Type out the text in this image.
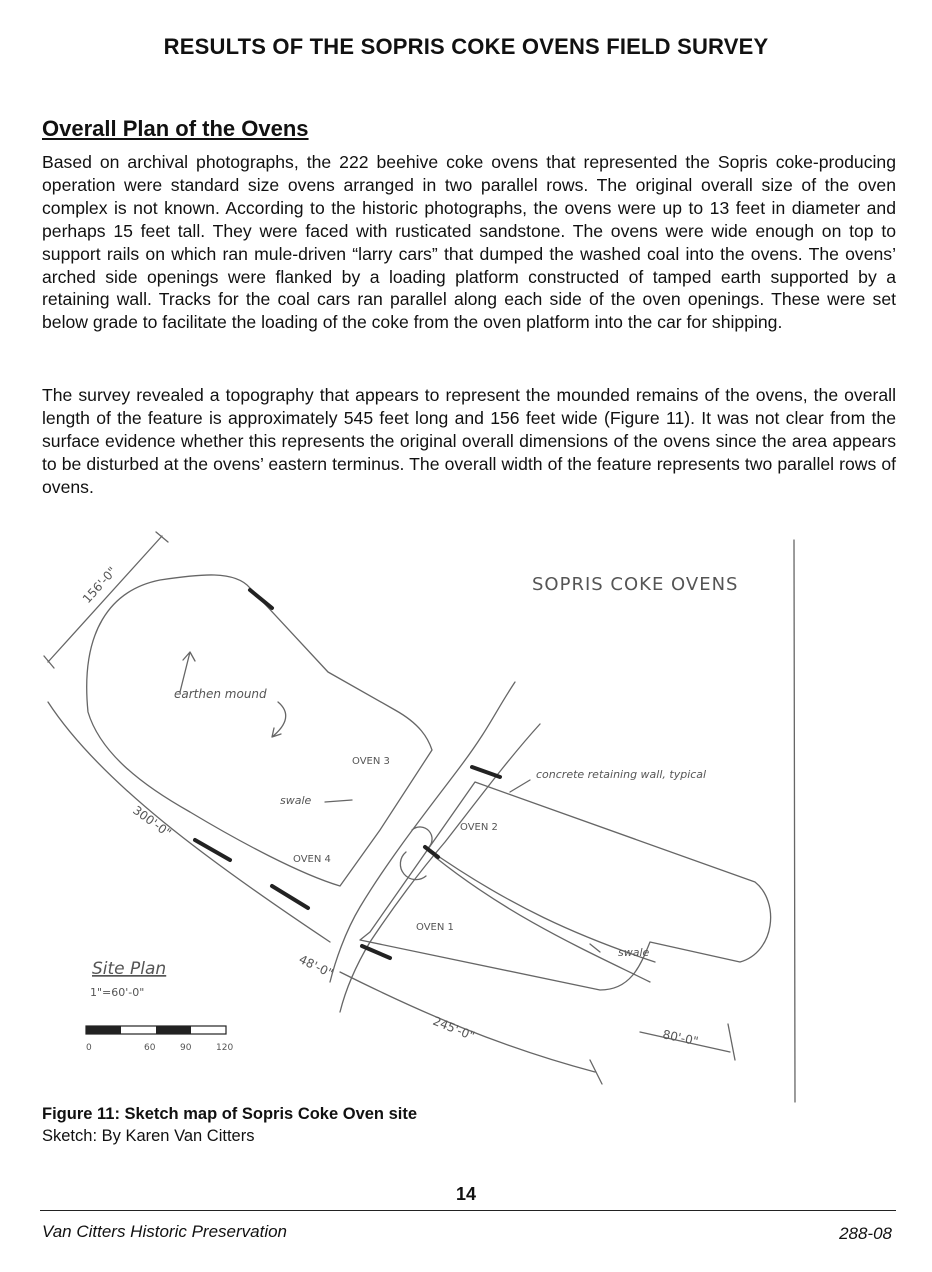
RESULTS OF THE SOPRIS COKE OVENS FIELD SURVEY
Overall Plan of the Ovens

Based on archival photographs, the 222 beehive coke ovens that represented the Sopris coke-producing operation were standard size ovens arranged in two parallel rows. The original overall size of the oven complex is not known. According to the historic photographs, the ovens were up to 13 feet in diameter and perhaps 15 feet tall. They were faced with rusticated sandstone. The ovens were wide enough on top to support rails on which ran mule-driven “larry cars” that dumped the washed coal into the ovens. The ovens’ arched side openings were flanked by a loading platform constructed of tamped earth supported by a retaining wall. Tracks for the coal cars ran parallel along each side of the oven openings. These were set below grade to facilitate the loading of the coke from the oven platform into the car for shipping.

The survey revealed a topography that appears to represent the mounded remains of the ovens, the overall length of the feature is approximately 545 feet long and 156 feet wide (Figure 11). It was not clear from the surface evidence whether this represents the original overall dimensions of the ovens since the area appears to be disturbed at the ovens’ eastern terminus. The overall width of the feature represents two parallel rows of ovens.

SOPRIS COKE OVENS
earthen mound
OVEN 3
OVEN 2
OVEN 4
OVEN 1
swale
swale
concrete retaining wall, typical
156'-0"
300'-0"
48'-0"
245'-0"	80'-0"
Site Plan
1"=60'-0"
0	60	90	120
Figure 11: Sketch map of Sopris Coke Oven site
Sketch: By Karen Van Citters
14
Van Citters Historic Preservation	288-08
